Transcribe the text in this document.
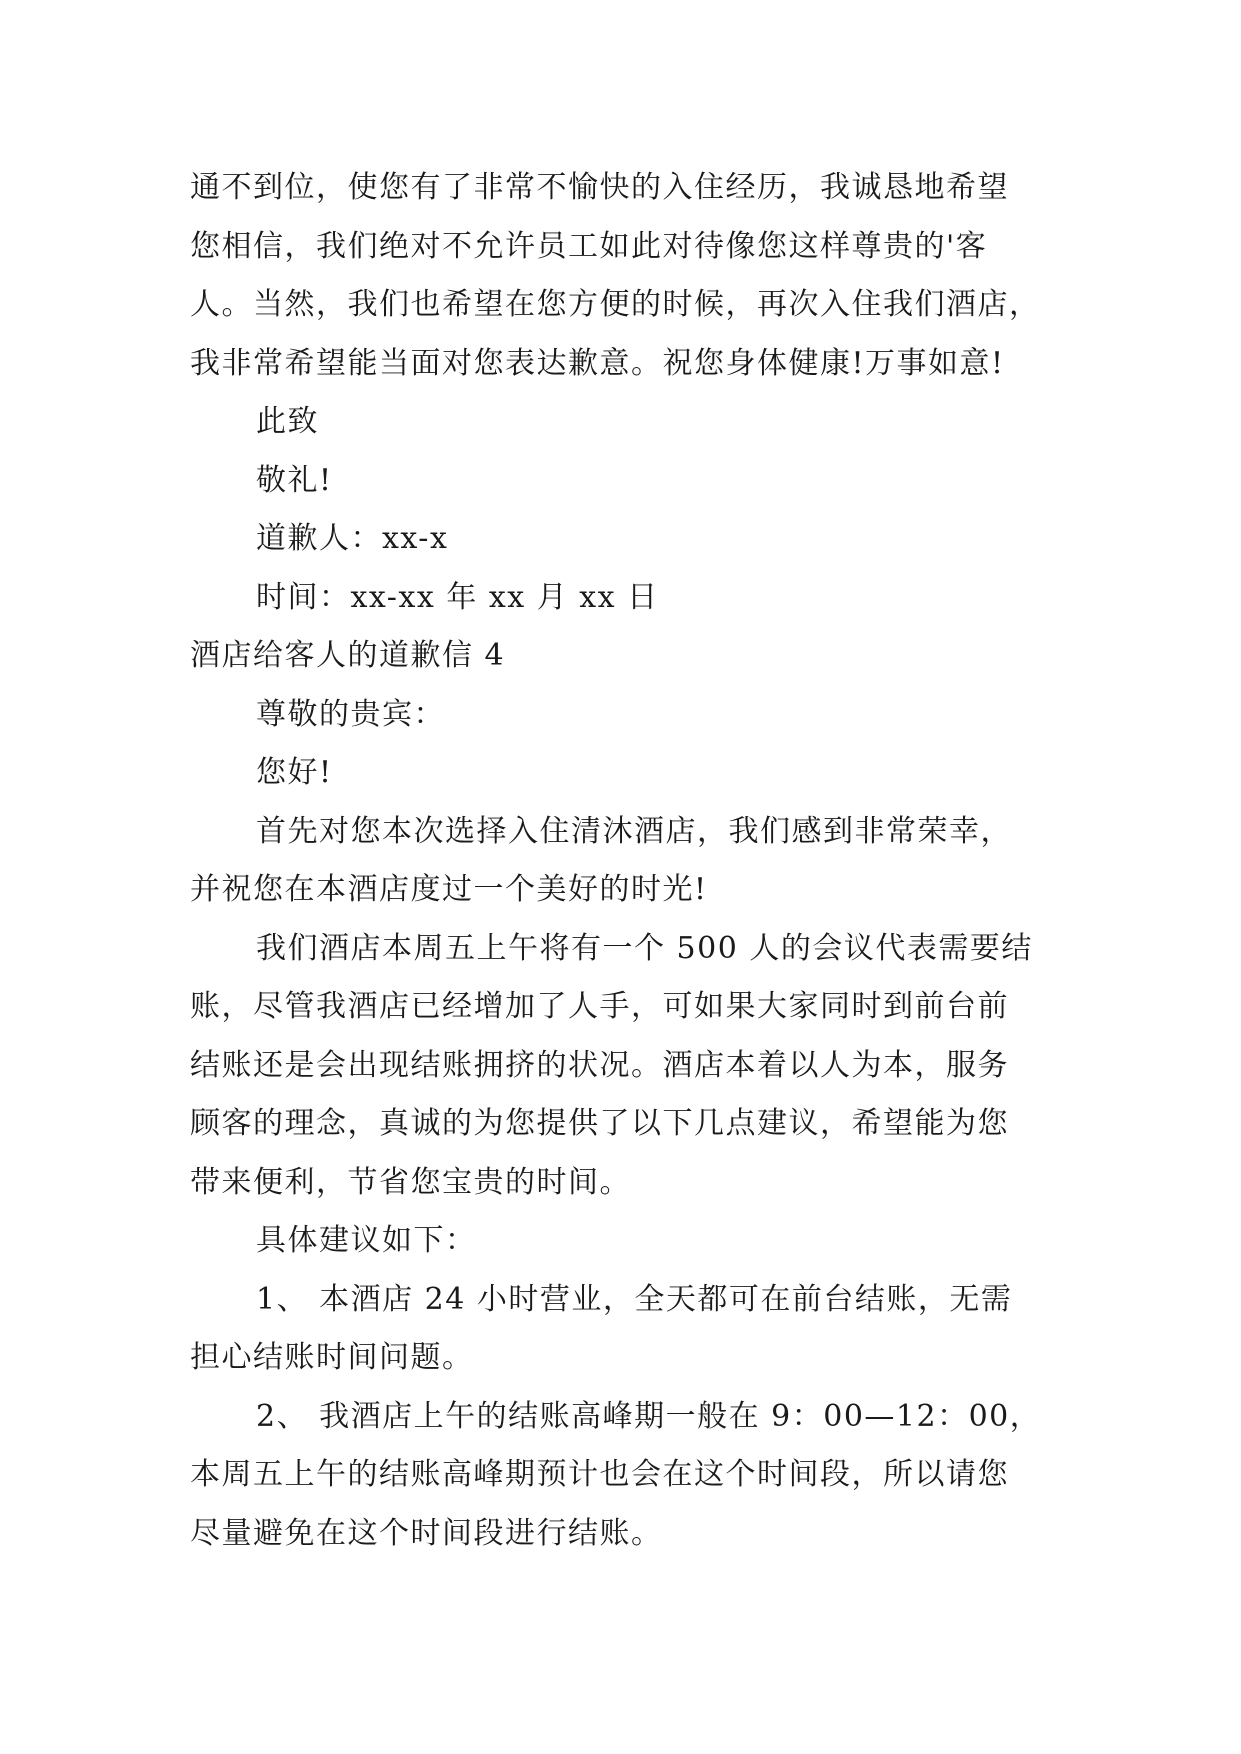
通不到位，使您有了非常不愉快的入住经历，我诚恳地希望
您相信，我们绝对不允许员工如此对待像您这样尊贵的'客
人。当然，我们也希望在您方便的时候，再次入住我们酒店，
我非常希望能当面对您表达歉意。祝您身体健康!万事如意!
此致
敬礼!
道歉人：xx-x
时间：xx-xx 年 xx 月 xx 日
酒店给客人的道歉信 4
尊敬的贵宾：
您好!
首先对您本次选择入住清沐酒店，我们感到非常荣幸，
并祝您在本酒店度过一个美好的时光!
我们酒店本周五上午将有一个 500 人的会议代表需要结
账，尽管我酒店已经增加了人手，可如果大家同时到前台前
结账还是会出现结账拥挤的状况。酒店本着以人为本，服务
顾客的理念，真诚的为您提供了以下几点建议，希望能为您
带来便利，节省您宝贵的时间。
具体建议如下：
1、 本酒店 24 小时营业，全天都可在前台结账，无需
担心结账时间问题。
2、 我酒店上午的结账高峰期一般在 9：00—12：00，
本周五上午的结账高峰期预计也会在这个时间段，所以请您
尽量避免在这个时间段进行结账。
